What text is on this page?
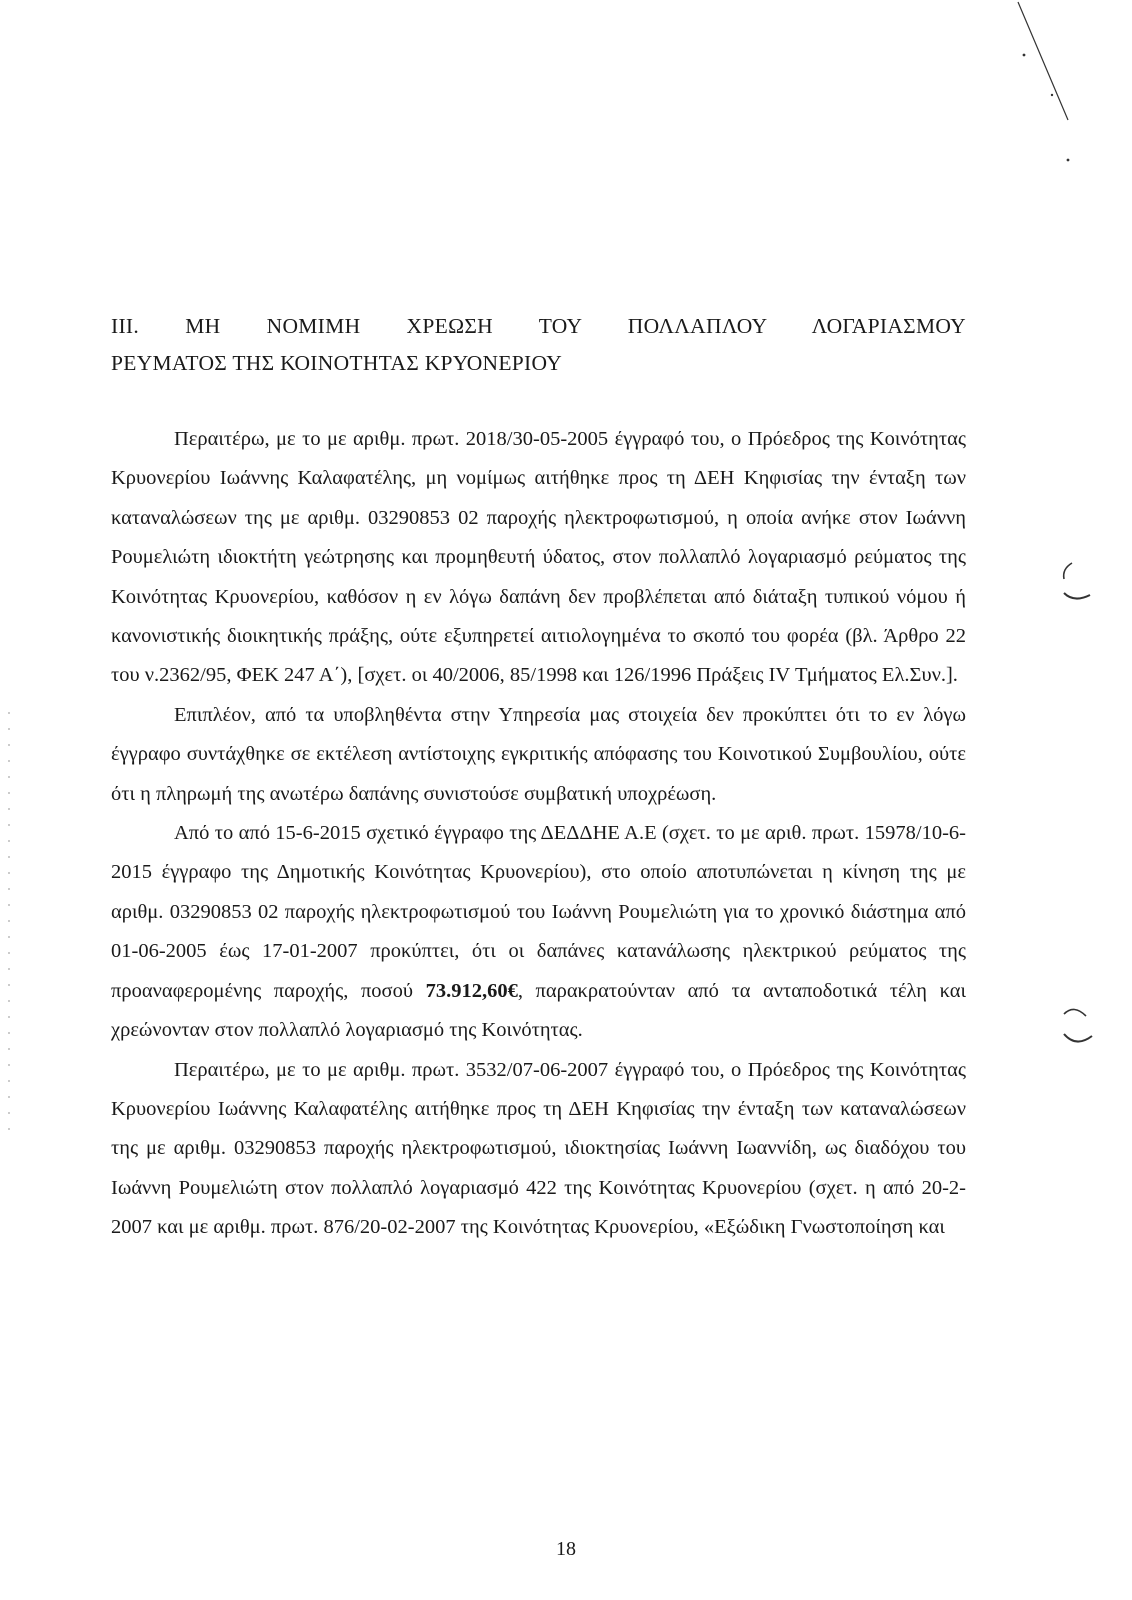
ΙΙΙ. ΜΗ ΝΟΜΙΜΗ ΧΡΕΩΣΗ ΤΟΥ ΠΟΛΛΑΠΛΟΥ ΛΟΓΑΡΙΑΣΜΟΥ
ΡΕΥΜΑΤΟΣ ΤΗΣ ΚΟΙΝΟΤΗΤΑΣ ΚΡΥΟΝΕΡΙΟΥ

Περαιτέρω, με το με αριθμ. πρωτ. 2018/30-05-2005 έγγραφό του, ο Πρόεδρος της Κοινότητας Κρυονερίου Ιωάννης Καλαφατέλης, μη νομίμως αιτήθηκε προς τη ΔΕΗ Κηφισίας την ένταξη των καταναλώσεων της με αριθμ. 03290853 02 παροχής ηλεκτροφωτισμού, η οποία ανήκε στον Ιωάννη Ρουμελιώτη ιδιοκτήτη γεώτρησης και προμηθευτή ύδατος, στον πολλαπλό λογαριασμό ρεύματος της Κοινότητας Κρυονερίου, καθόσον η εν λόγω δαπάνη δεν προβλέπεται από διάταξη τυπικού νόμου ή κανονιστικής διοικητικής πράξης, ούτε εξυπηρετεί αιτιολογημένα το σκοπό του φορέα (βλ. Άρθρο 22 του ν.2362/95, ΦΕΚ 247 Α΄), [σχετ. οι 40/2006, 85/1998 και 126/1996 Πράξεις IV Τμήματος Ελ.Συν.].

Επιπλέον, από τα υποβληθέντα στην Υπηρεσία μας στοιχεία δεν προκύπτει ότι το εν λόγω έγγραφο συντάχθηκε σε εκτέλεση αντίστοιχης εγκριτικής απόφασης του Κοινοτικού Συμβουλίου, ούτε ότι η πληρωμή της ανωτέρω δαπάνης συνιστούσε συμβατική υποχρέωση.

Από το από 15-6-2015 σχετικό έγγραφο της ΔΕΔΔΗΕ Α.Ε (σχετ. το με αριθ. πρωτ. 15978/10-6-2015 έγγραφο της Δημοτικής Κοινότητας Κρυονερίου), στο οποίο αποτυπώνεται η κίνηση της με αριθμ. 03290853 02 παροχής ηλεκτροφωτισμού του Ιωάννη Ρουμελιώτη για το χρονικό διάστημα από 01-06-2005 έως 17-01-2007 προκύπτει, ότι οι δαπάνες κατανάλωσης ηλεκτρικού ρεύματος της προαναφερομένης παροχής, ποσού 73.912,60€, παρακρατούνταν από τα ανταποδοτικά τέλη και χρεώνονταν στον πολλαπλό λογαριασμό της Κοινότητας.

Περαιτέρω, με το με αριθμ. πρωτ. 3532/07-06-2007 έγγραφό του, ο Πρόεδρος της Κοινότητας Κρυονερίου Ιωάννης Καλαφατέλης αιτήθηκε προς τη ΔΕΗ Κηφισίας την ένταξη των καταναλώσεων της με αριθμ. 03290853 παροχής ηλεκτροφωτισμού, ιδιοκτησίας Ιωάννη Ιωαννίδη, ως διαδόχου του Ιωάννη Ρουμελιώτη στον πολλαπλό λογαριασμό 422 της Κοινότητας Κρυονερίου (σχετ. η από 20-2-2007 και με αριθμ. πρωτ. 876/20-02-2007 της Κοινότητας Κρυονερίου, «Εξώδικη Γνωστοποίηση και

18
